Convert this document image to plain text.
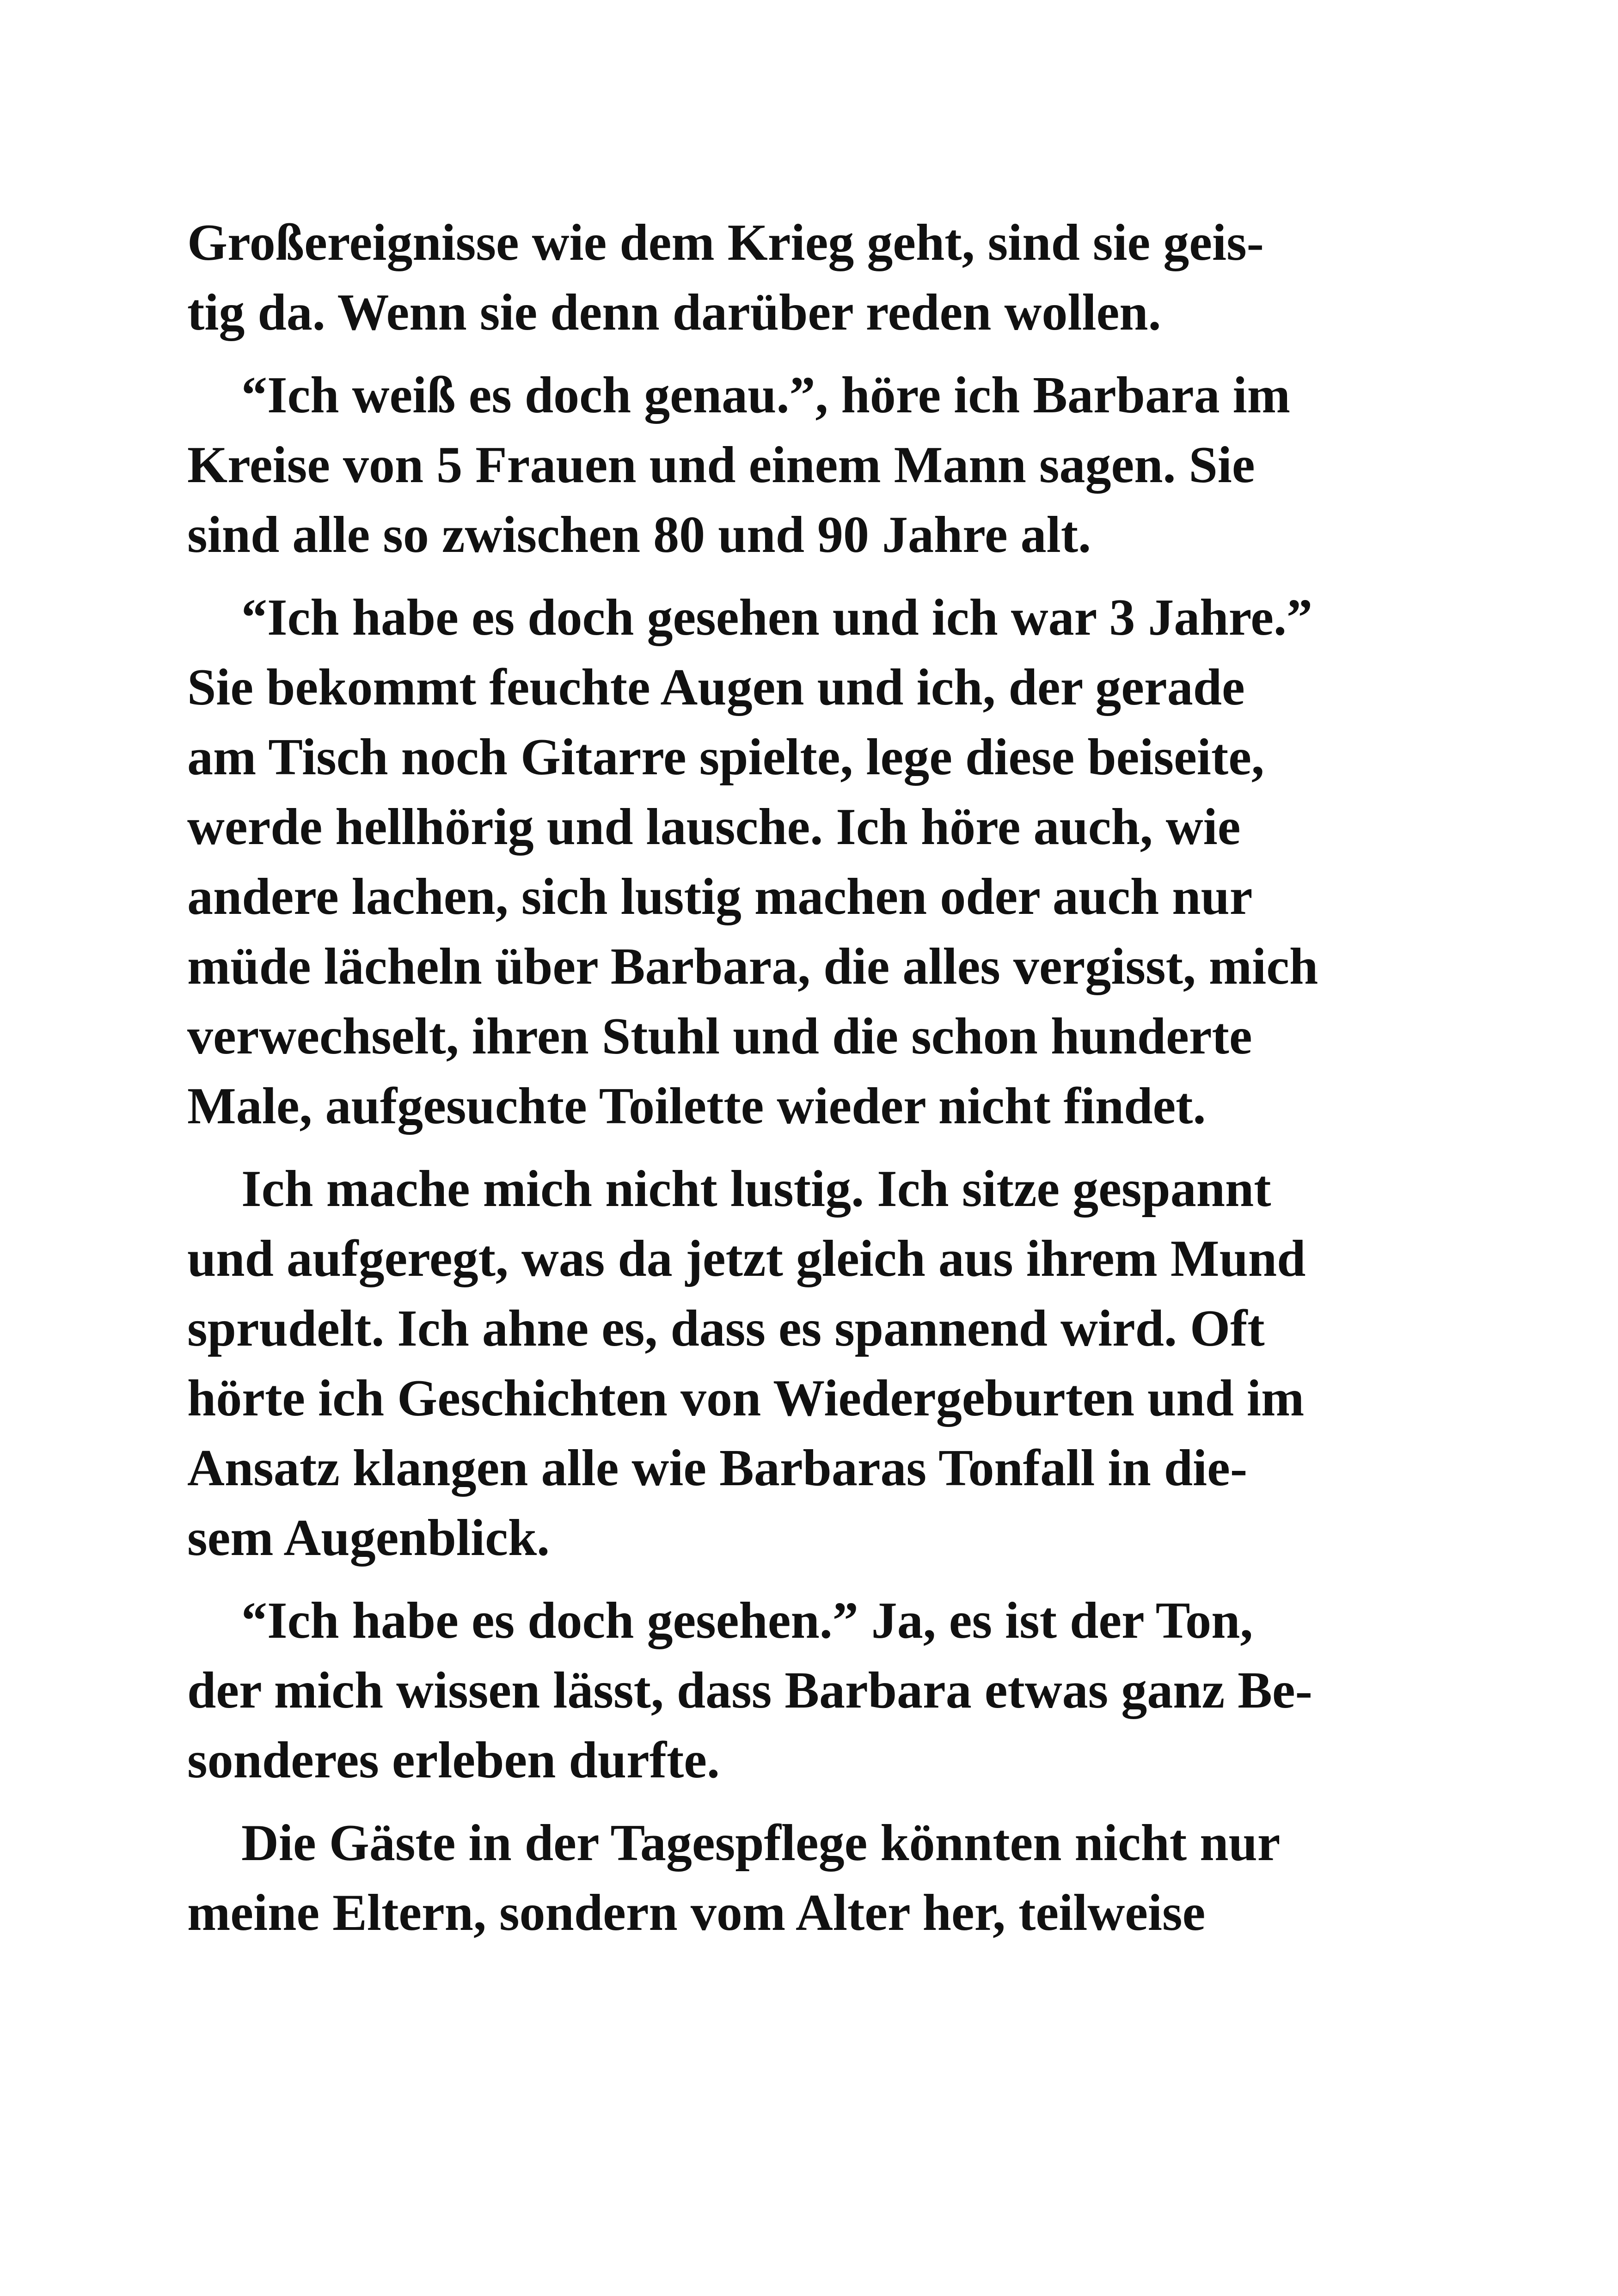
Großereignisse wie dem Krieg geht, sind sie geis-
tig da. Wenn sie denn darüber reden wollen.

“Ich weiß es doch genau.”, höre ich Barbara im
Kreise von 5 Frauen und einem Mann sagen. Sie
sind alle so zwischen 80 und 90 Jahre alt.

“Ich habe es doch gesehen und ich war 3 Jahre.”
Sie bekommt feuchte Augen und ich, der gerade
am Tisch noch Gitarre spielte, lege diese beiseite,
werde hellhörig und lausche. Ich höre auch, wie
andere lachen, sich lustig machen oder auch nur
müde lächeln über Barbara, die alles vergisst, mich
verwechselt, ihren Stuhl und die schon hunderte
Male, aufgesuchte Toilette wieder nicht findet.

Ich mache mich nicht lustig. Ich sitze gespannt
und aufgeregt, was da jetzt gleich aus ihrem Mund
sprudelt. Ich ahne es, dass es spannend wird. Oft
hörte ich Geschichten von Wiedergeburten und im
Ansatz klangen alle wie Barbaras Tonfall in die-
sem Augenblick.

“Ich habe es doch gesehen.” Ja, es ist der Ton,
der mich wissen lässt, dass Barbara etwas ganz Be-
sonderes erleben durfte.

Die Gäste in der Tagespflege könnten nicht nur
meine Eltern, sondern vom Alter her, teilweise
